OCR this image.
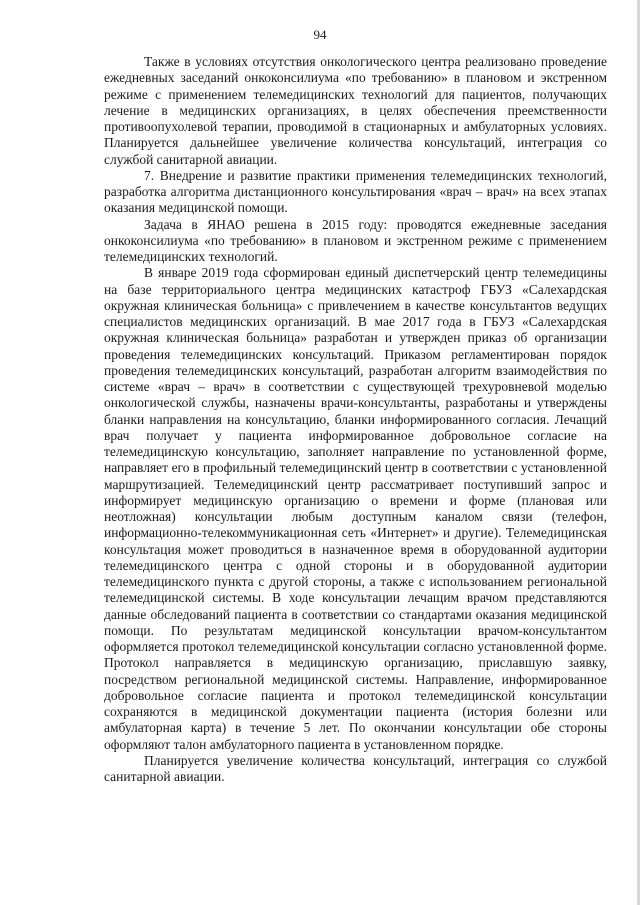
94

Также в условиях отсутствия онкологического центра реализовано проведение ежедневных заседаний онкоконсилиума «по требованию» в плановом и экстренном режиме с применением телемедицинских технологий для пациентов, получающих лечение в медицинских организациях, в целях обеспечения преемственности противоопухолевой терапии, проводимой в стационарных и амбулаторных условиях. Планируется дальнейшее увеличение количества консультаций, интеграция со службой санитарной авиации.

7. Внедрение и развитие практики применения телемедицинских технологий, разработка алгоритма дистанционного консультирования «врач – врач» на всех этапах оказания медицинской помощи.

Задача в ЯНАО решена в 2015 году: проводятся ежедневные заседания онкоконсилиума «по требованию» в плановом и экстренном режиме с применением телемедицинских технологий.

В январе 2019 года сформирован единый диспетчерский центр телемедицины на базе территориального центра медицинских катастроф ГБУЗ «Салехардская окружная клиническая больница» с привлечением в качестве консультантов ведущих специалистов медицинских организаций. В мае 2017 года в ГБУЗ «Салехардская окружная клиническая больница» разработан и утвержден приказ об организации проведения телемедицинских консультаций. Приказом регламентирован порядок проведения телемедицинских консультаций, разработан алгоритм взаимодействия по системе «врач – врач» в соответствии с существующей трехуровневой моделью онкологической службы, назначены врачи-консультанты, разработаны и утверждены бланки направления на консультацию, бланки информированного согласия. Лечащий врач получает у пациента информированное добровольное согласие на телемедицинскую консультацию, заполняет направление по установленной форме, направляет его в профильный телемедицинский центр в соответствии с установленной маршрутизацией. Телемедицинский центр рассматривает поступивший запрос и информирует медицинскую организацию о времени и форме (плановая или неотложная) консультации любым доступным каналом связи (телефон, информационно-телекоммуникационная сеть «Интернет» и другие). Телемедицинская консультация может проводиться в назначенное время в оборудованной аудитории телемедицинского центра с одной стороны и в оборудованной аудитории телемедицинского пункта с другой стороны, а также с использованием региональной телемедицинской системы. В ходе консультации лечащим врачом представляются данные обследований пациента в соответствии со стандартами оказания медицинской помощи. По результатам медицинской консультации врачом-консультантом оформляется протокол телемедицинской консультации согласно установленной форме. Протокол направляется в медицинскую организацию, приславшую заявку, посредством региональной медицинской системы. Направление, информированное добровольное согласие пациента и протокол телемедицинской консультации сохраняются в медицинской документации пациента (история болезни или амбулаторная карта) в течение 5 лет. По окончании консультации обе стороны оформляют талон амбулаторного пациента в установленном порядке.

Планируется увеличение количества консультаций, интеграция со службой санитарной авиации.
